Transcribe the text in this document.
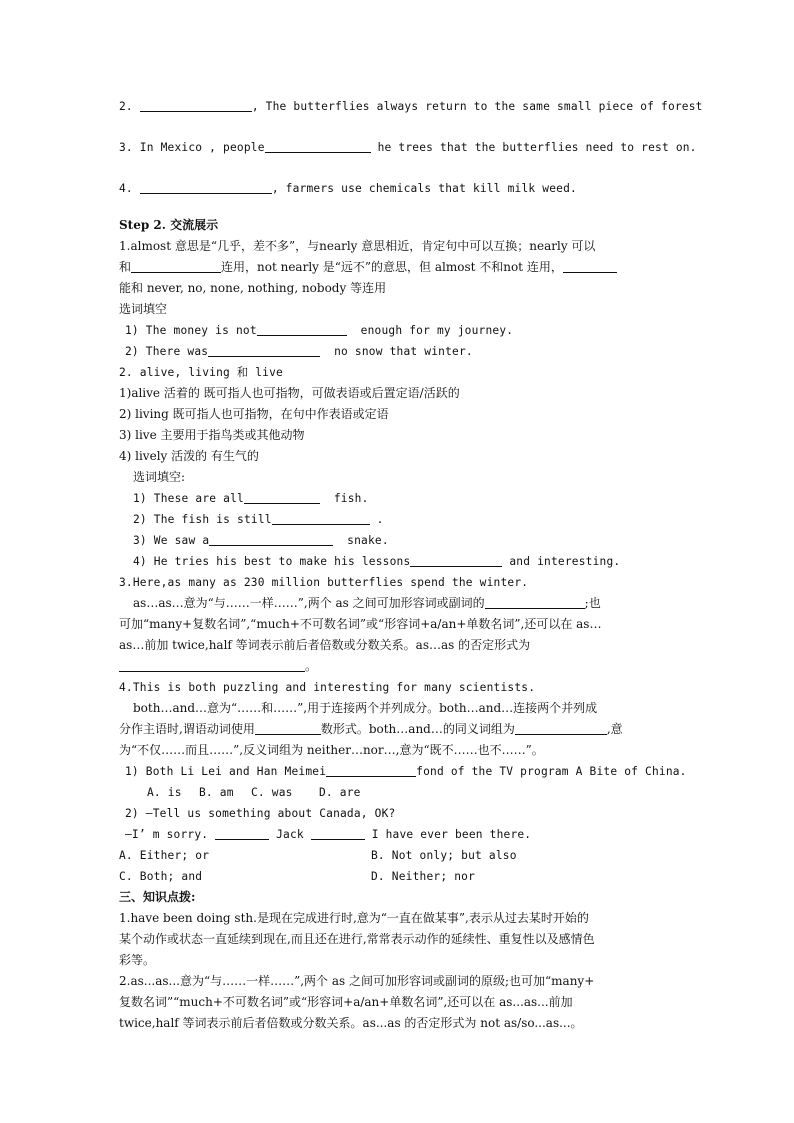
2.	, The butterflies always return to the same small piece of forest
3. In Mexico , people	he trees that the butterflies need to rest on.
4.	, farmers use chemicals that kill milk weed.
Step 2. 交流展示
1.almost 意思是“几乎，差不多”，与nearly 意思相近，肯定句中可以互换；nearly 可以
和	连用，not nearly 是“远不”的意思，但 almost 不和not 连用，
能和 never, no, none, nothing, nobody 等连用
选词填空
1) The money is not	enough for my journey.
2) There was	no snow that winter.
2. alive, living 和 live
1)alive 活着的 既可指人也可指物，可做表语或后置定语/活跃的
2) living 既可指人也可指物，在句中作表语或定语
3) live 主要用于指鸟类或其他动物
4) lively 活泼的 有生气的
选词填空:
1) These are all	fish.
2) The fish is still	.
3) We saw a	snake.
4) He tries his best to make his lessons	and interesting.
3.Here,as many as 230 million butterflies spend the winter.
as…as…意为“与……一样……”,两个 as 之间可加形容词或副词的	;也
可加“many+复数名词”,“much+不可数名词”或“形容词+a/an+单数名词”,还可以在 as…
as…前加 twice,half 等词表示前后者倍数或分数关系。as…as 的否定形式为
。
4.This is both puzzling and interesting for many scientists.
both…and…意为“……和……”,用于连接两个并列成分。both…and…连接两个并列成
分作主语时,谓语动词使用	数形式。both…and…的同义词组为	,意
为“不仅……而且……”,反义词组为 neither…nor…,意为“既不……也不……”。
1) Both Li Lei and Han Meimei	fond of the TV program A Bite of China.
A. is B. am C. was D. are
2) —Tell us something about Canada, OK?
—I’ m sorry.	Jack	I have ever been there.
A. Either; or	B. Not only; but also
C. Both; and	D. Neither; nor
三、知识点拨:
1.have been doing sth.是现在完成进行时,意为“一直在做某事”,表示从过去某时开始的
某个动作或状态一直延续到现在,而且还在进行,常常表示动作的延续性、重复性以及感情色
彩等。
2.as...as...意为“与……一样……”,两个 as 之间可加形容词或副词的原级;也可加“many+
复数名词”“much+不可数名词”或“形容词+a/an+单数名词”,还可以在 as...as...前加
twice,half 等词表示前后者倍数或分数关系。as...as 的否定形式为 not as/so...as...。
